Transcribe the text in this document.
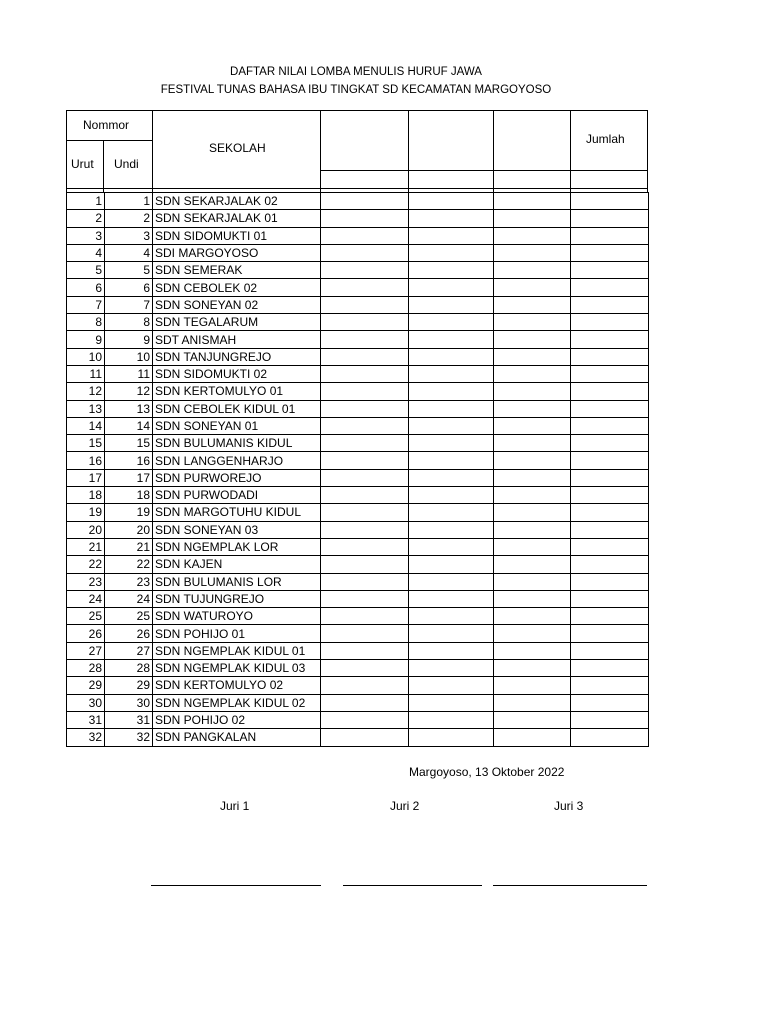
DAFTAR NILAI LOMBA MENULIS HURUF JAWA
FESTIVAL TUNAS BAHASA IBU TINGKAT SD KECAMATAN MARGOYOSO
Nommor
Urut Undi
SEKOLAH
Jumlah
1	1	SDN SEKARJALAK 02				
2	2	SDN SEKARJALAK 01				
3	3	SDN SIDOMUKTI 01				
4	4	SDI MARGOYOSO				
5	5	SDN SEMERAK				
6	6	SDN CEBOLEK 02				
7	7	SDN SONEYAN 02				
8	8	SDN TEGALARUM				
9	9	SDT ANISMAH				
10	10	SDN TANJUNGREJO				
11	11	SDN SIDOMUKTI 02				
12	12	SDN KERTOMULYO 01				
13	13	SDN CEBOLEK KIDUL 01				
14	14	SDN SONEYAN 01				
15	15	SDN BULUMANIS KIDUL				
16	16	SDN LANGGENHARJO				
17	17	SDN PURWOREJO				
18	18	SDN PURWODADI				
19	19	SDN MARGOTUHU KIDUL				
20	20	SDN SONEYAN 03				
21	21	SDN NGEMPLAK LOR				
22	22	SDN KAJEN				
23	23	SDN BULUMANIS LOR				
24	24	SDN TUJUNGREJO				
25	25	SDN WATUROYO				
26	26	SDN POHIJO 01				
27	27	SDN NGEMPLAK KIDUL 01				
28	28	SDN NGEMPLAK KIDUL 03				
29	29	SDN KERTOMULYO 02				
30	30	SDN NGEMPLAK KIDUL 02				
31	31	SDN POHIJO 02				
32	32	SDN PANGKALAN				
Margoyoso, 13 Oktober 2022
Juri 1	Juri 2	Juri 3
